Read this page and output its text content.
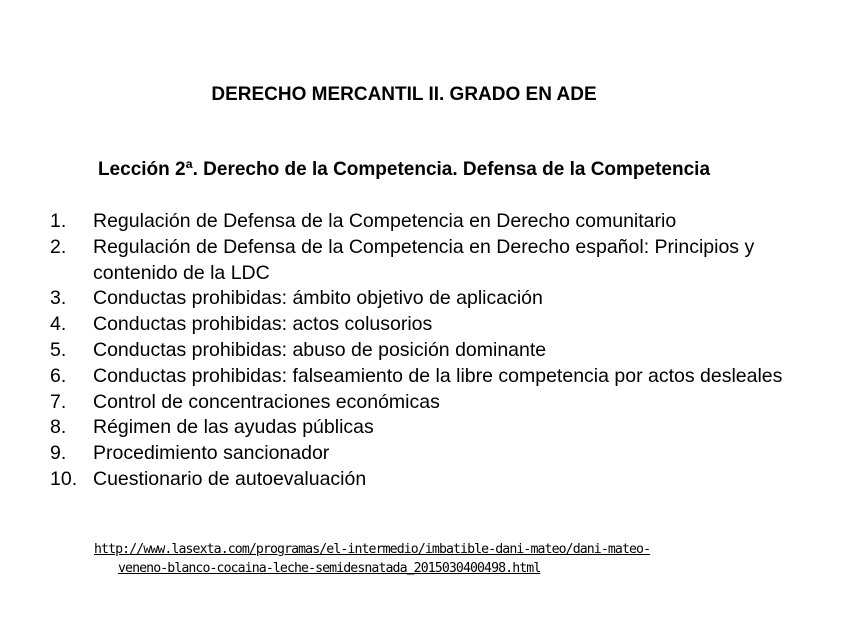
DERECHO MERCANTIL II. GRADO EN ADE
Lección 2ª. Derecho de la Competencia. Defensa de la Competencia
1.	Regulación de Defensa de la Competencia en Derecho comunitario
2.	Regulación de Defensa de la Competencia en Derecho español: Principios y contenido de la LDC
3.	Conductas prohibidas: ámbito objetivo de aplicación
4.	Conductas prohibidas: actos colusorios
5.	Conductas prohibidas: abuso de posición dominante
6.	Conductas prohibidas: falseamiento de la libre competencia por actos desleales
7.	Control de concentraciones económicas
8.	Régimen de las ayudas públicas
9.	Procedimiento sancionador
10. Cuestionario de autoevaluación
http://www.lasexta.com/programas/el-intermedio/imbatible-dani-mateo/dani-mateo-
veneno-blanco-cocaina-leche-semidesnatada_2015030400498.html
